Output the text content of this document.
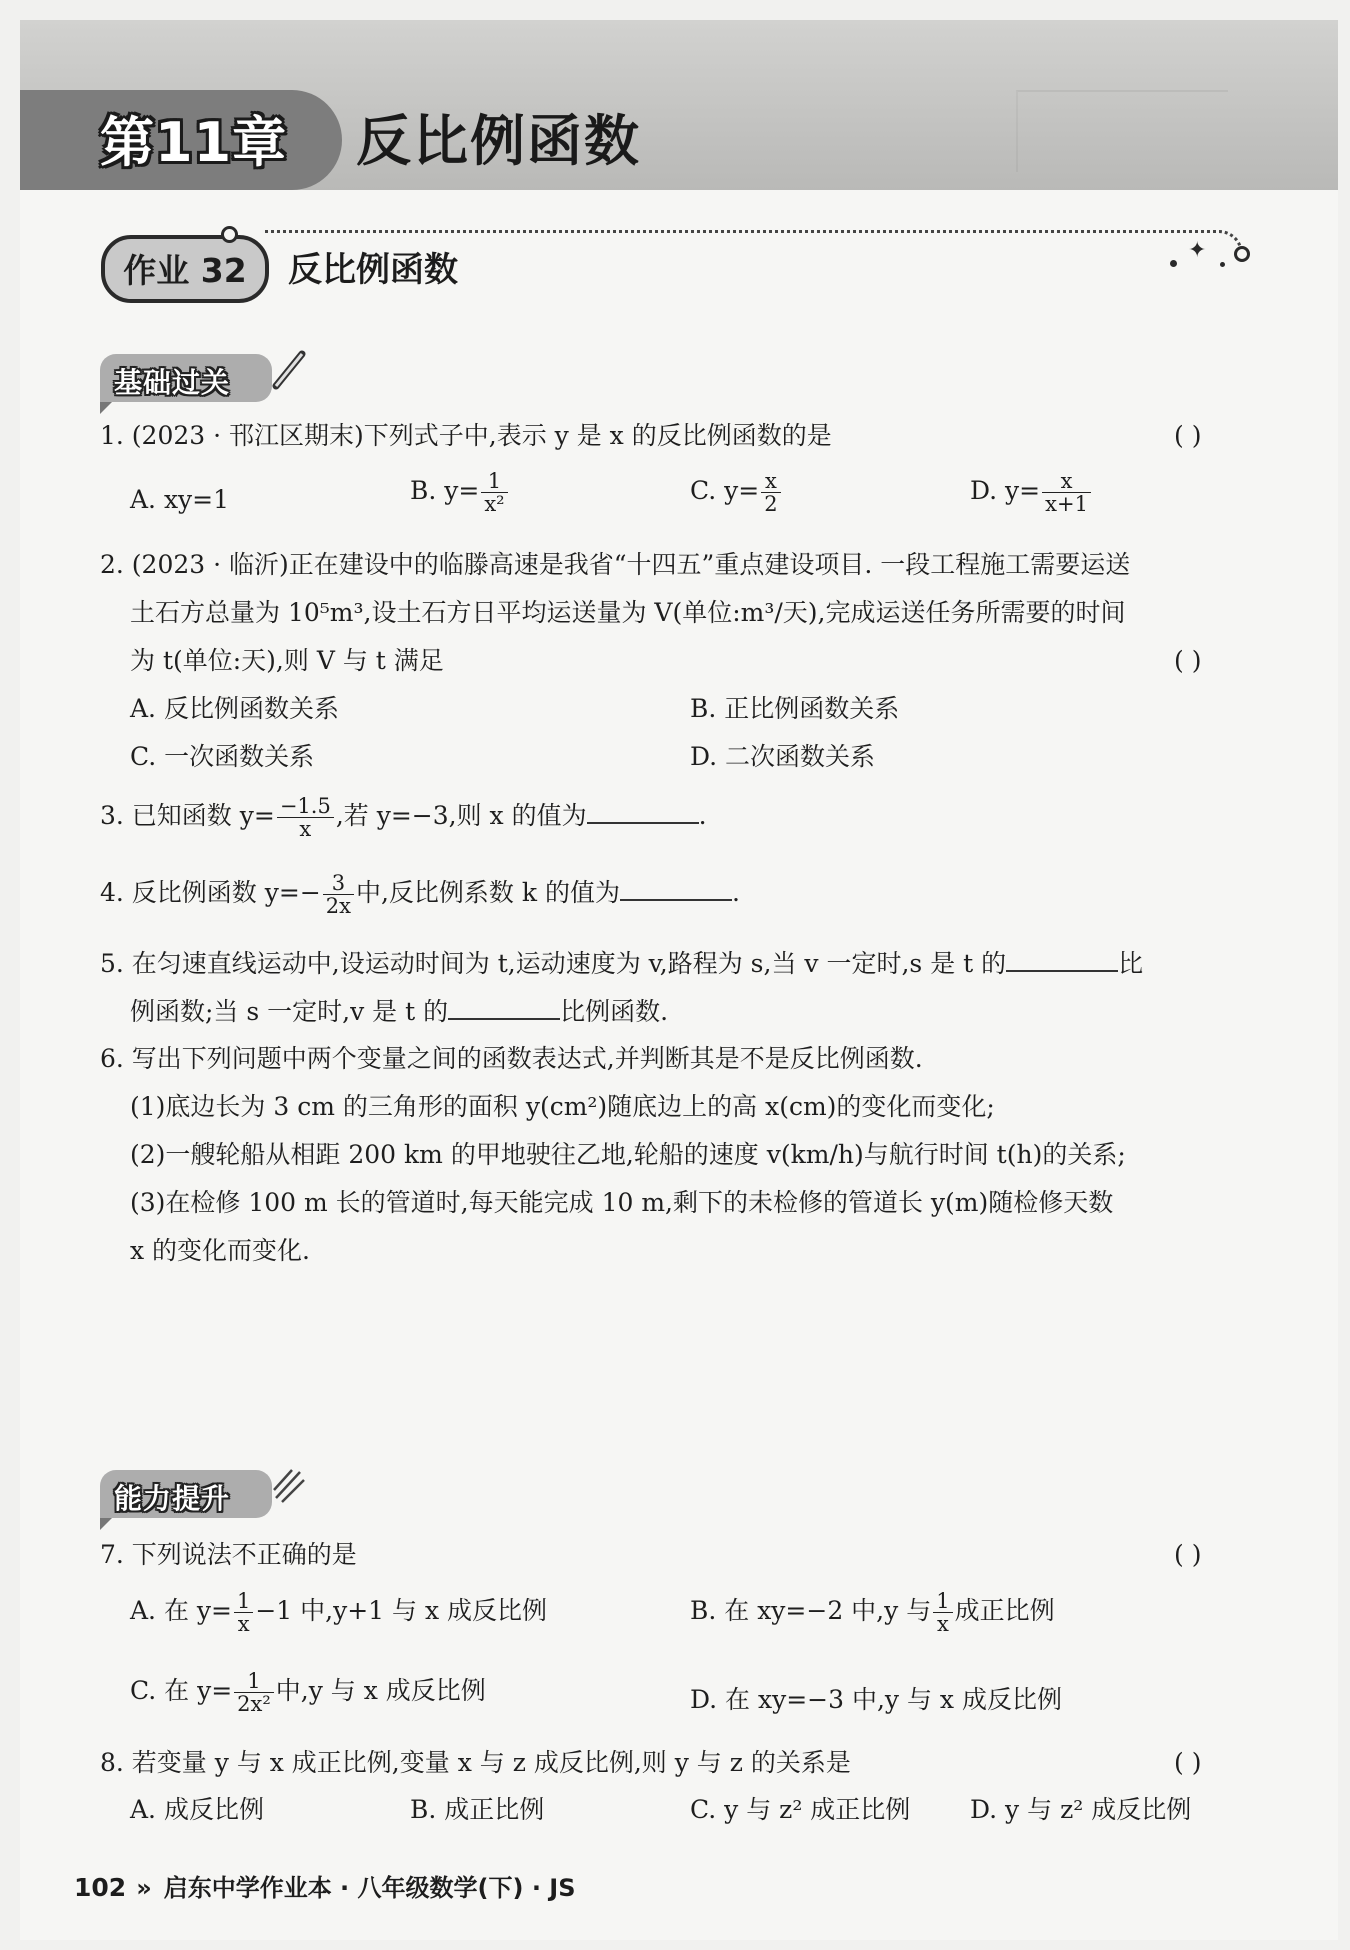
第11章 反比例函数
作业 32	反比例函数	✦
基础过关
1. (2023 · 邗江区期末)下列式子中,表示 y 是 x 的反比例函数的是	( )
A. xy=1	B. $y= \frac{1}{\text{x²}}$	C. $y= \frac{x}{2}$	D. $y= \frac{x}{x+1}$
2. (2023 · 临沂)正在建设中的临滕高速是我省“十四五”重点建设项目. 一段工程施工需要运送
土石方总量为 10⁵m³,设土石方日平均运送量为 V(单位:m³/天),完成运送任务所需要的时间
为 t(单位:天),则 V 与 t 满足	( )
A. 反比例函数关系	B. 正比例函数关系
C. 一次函数关系	D. 二次函数关系
3. 已知函数 $y= \frac{-1.5}{x}$ ,若 y=−3,则 x 的值为	.
4. 反比例函数 $y=- \frac{3}{2x}$ 中,反比例系数 k 的值为	.
5. 在匀速直线运动中,设运动时间为 t,运动速度为 v,路程为 s,当 v 一定时,s 是 t 的	比
例函数;当 s 一定时,v 是 t 的	比例函数.
6. 写出下列问题中两个变量之间的函数表达式,并判断其是不是反比例函数.
(1)底边长为 3 cm 的三角形的面积 y(cm²)随底边上的高 x(cm)的变化而变化;
(2)一艘轮船从相距 200 km 的甲地驶往乙地,轮船的速度 v(km/h)与航行时间 t(h)的关系;
(3)在检修 100 m 长的管道时,每天能完成 10 m,剩下的未检修的管道长 y(m)随检修天数
x 的变化而变化.
能力提升
7. 下列说法不正确的是	( )
A. 在 $y= \frac{1}{x} -1$ 中,y+1 与 x 成反比例	B. 在 xy=−2 中,y 与 $\frac{1}{x}$ 成正比例
C. 在 $y= \frac{1}{\text{2x²}}$ 中,y 与 x 成反比例	D. 在 xy=−3 中,y 与 x 成反比例
8. 若变量 y 与 x 成正比例,变量 x 与 z 成反比例,则 y 与 z 的关系是	( )
A. 成反比例	B. 成正比例	C. y 与 z² 成正比例 D. y 与 z² 成反比例
102 » 启东中学作业本 · 八年级数学(下) · JS
